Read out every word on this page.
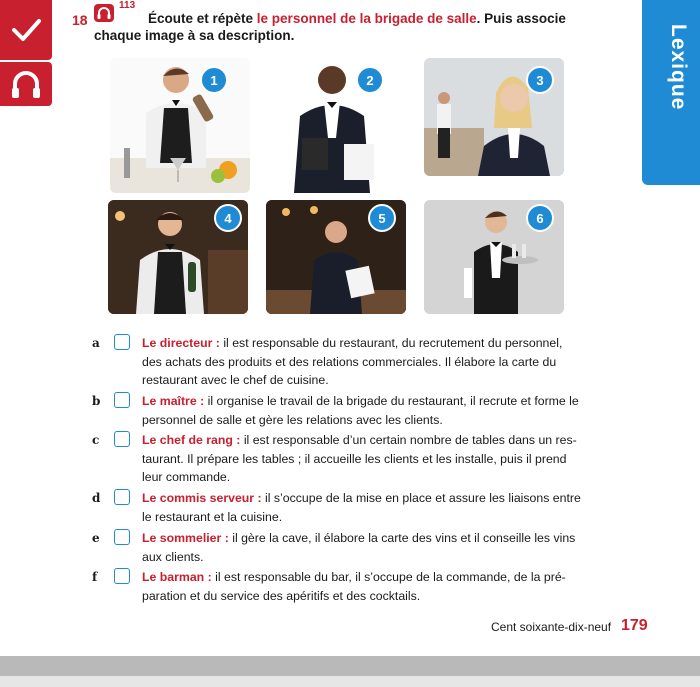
Lexique
18
113
Écoute et répète le personnel de la brigade de salle. Puis associe
chaque image à sa description.
1	2	3
4	5	6
a	Le directeur : il est responsable du restaurant, du recrutement du personnel,
des achats des produits et des relations commerciales. Il élabore la carte du
restaurant avec le chef de cuisine.
b	Le maître : il organise le travail de la brigade du restaurant, il recrute et forme le
personnel de salle et gère les relations avec les clients.
c	Le chef de rang : il est responsable d’un certain nombre de tables dans un res-
taurant. Il prépare les tables ; il accueille les clients et les installe, puis il prend
leur commande.
d	Le commis serveur : il s’occupe de la mise en place et assure les liaisons entre
le restaurant et la cuisine.
e	Le sommelier : il gère la cave, il élabore la carte des vins et il conseille les vins
aux clients.
f	Le barman : il est responsable du bar, il s’occupe de la commande, de la pré-
paration et du service des apéritifs et des cocktails.
Cent soixante-dix-neuf 179
